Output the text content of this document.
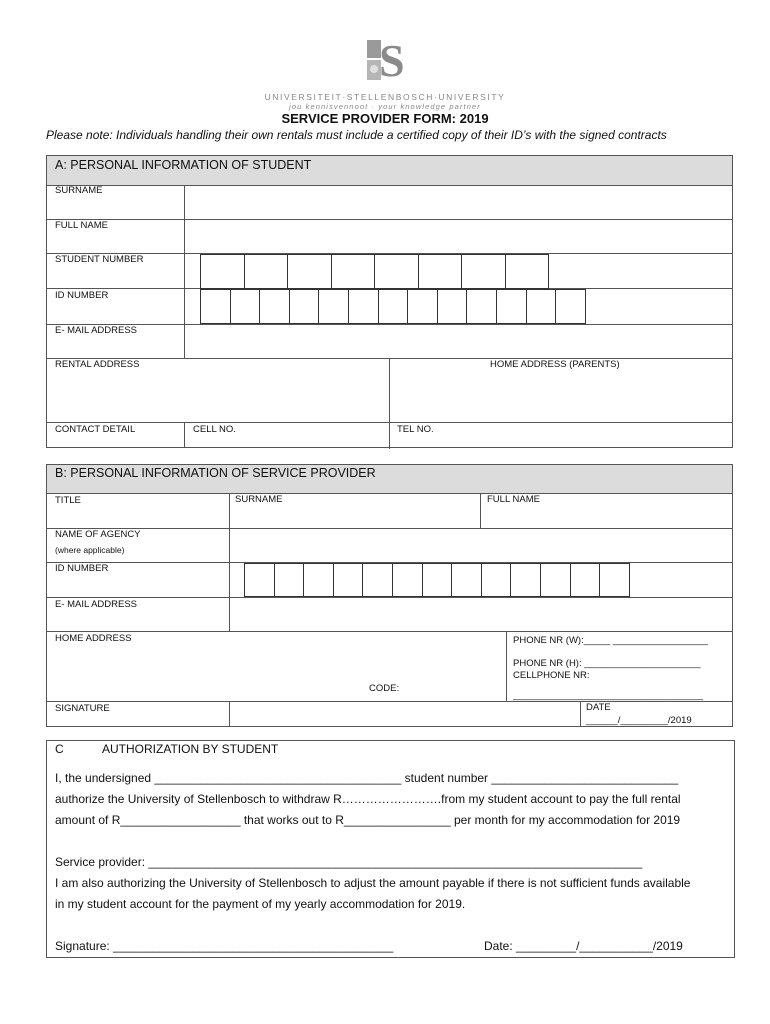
S
UNIVERSITEIT·STELLENBOSCH·UNIVERSITY
jou kennisvennoot · your knowledge partner
SERVICE PROVIDER FORM: 2019
Please note: Individuals handling their own rentals must include a certified copy of their ID’s with the signed contracts
A: PERSONAL INFORMATION OF STUDENT
SURNAME
FULL NAME
STUDENT NUMBER
ID NUMBER
E- MAIL ADDRESS
RENTAL ADDRESS	HOME ADDRESS (PARENTS)
CONTACT DETAIL	CELL NO.	TEL NO.
B: PERSONAL INFORMATION OF SERVICE PROVIDER
TITLE	SURNAME	FULL NAME
NAME OF AGENCY
(where applicable)
ID NUMBER
E- MAIL ADDRESS
HOME ADDRESS
CODE:
PHONE NR (W):_____ __________________
PHONE NR (H): ______________________
CELLPHONE NR:
____________________________________
SIGNATURE	DATE
______/_________/2019
C	AUTHORIZATION BY STUDENT
I, the undersigned _____________________________________ student number ____________________________
authorize the University of Stellenbosch to withdraw R…………………….from my student account to pay the full rental
amount of R__________________ that works out to R________________ per month for my accommodation for 2019
Service provider: __________________________________________________________________________
I am also authorizing the University of Stellenbosch to adjust the amount payable if there is not sufficient funds available
in my student account for the payment of my yearly accommodation for 2019.
Signature: __________________________________________	Date: _________/___________/2019
